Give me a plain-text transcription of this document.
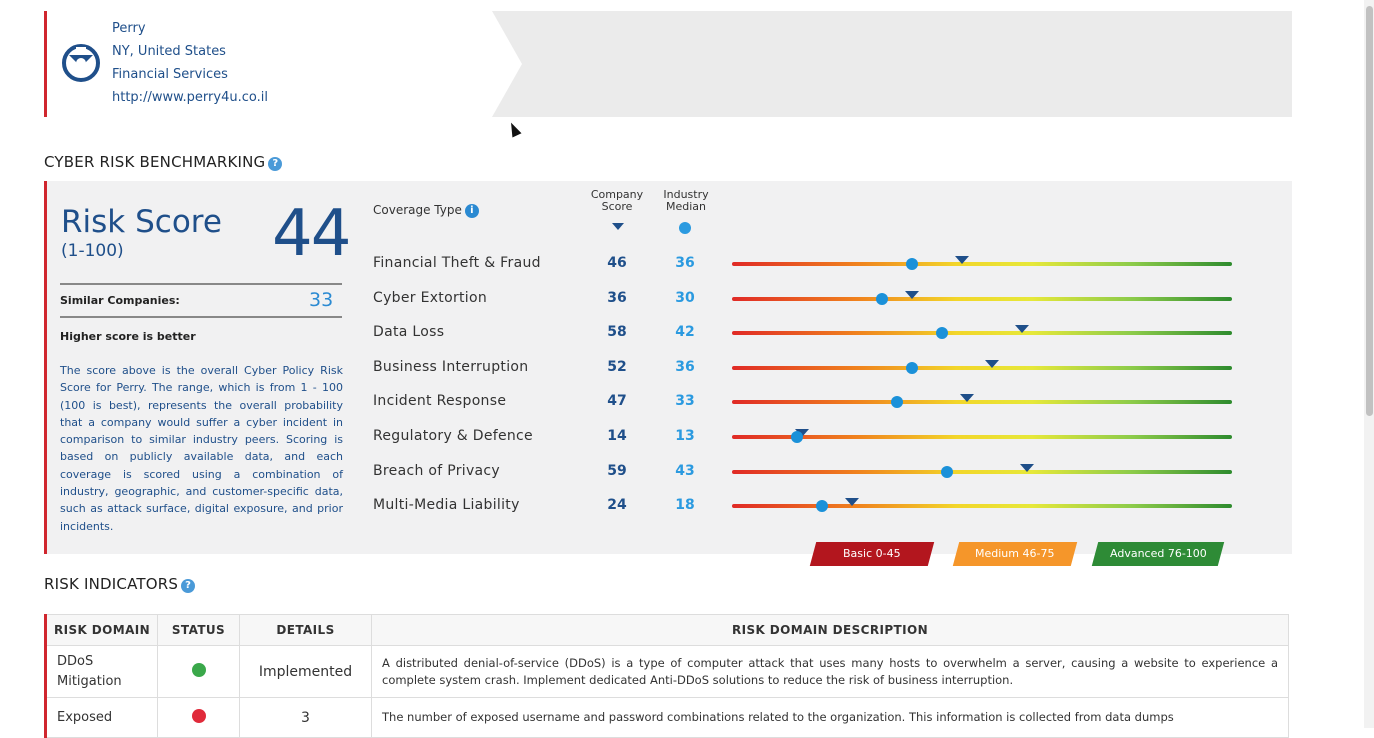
Perry
NY, United States
Financial Services
http://www.perry4u.co.il
CYBER RISK BENCHMARKING ?
Risk Score
(1-100) 44
Similar Companies:	33
Higher score is better
The score above is the overall Cyber Policy Risk Score for Perry. The range, which is from 1 - 100 (100 is best), represents the overall probability that a company would suffer a cyber incident in comparison to similar industry peers. Scoring is based on publicly available data, and each coverage is scored using a combination of industry, geographic, and customer-specific data, such as attack surface, digital exposure, and prior incidents.
Coverage Type i
Company Score
Industry Median
Financial Theft & Fraud	46	36
Cyber Extortion	36	30
Data Loss	58	42
Business Interruption	52	36
Incident Response	47	33
Regulatory & Defence	14	13
Breach of Privacy	59	43
Multi-Media Liability	24	18
Basic 0-45	Medium 46-75	Advanced 76-100
RISK INDICATORS ?
RISK DOMAIN	STATUS	DETAILS	RISK DOMAIN DESCRIPTION
DDoS Mitigation		Implemented	A distributed denial-of-service (DDoS) is a type of computer attack that uses many hosts to overwhelm a server, causing a website to experience a complete system crash. Implement dedicated Anti-DDoS solutions to reduce the risk of business interruption.
Exposed		3	The number of exposed username and password combinations related to the organization. This information is collected from data dumps
